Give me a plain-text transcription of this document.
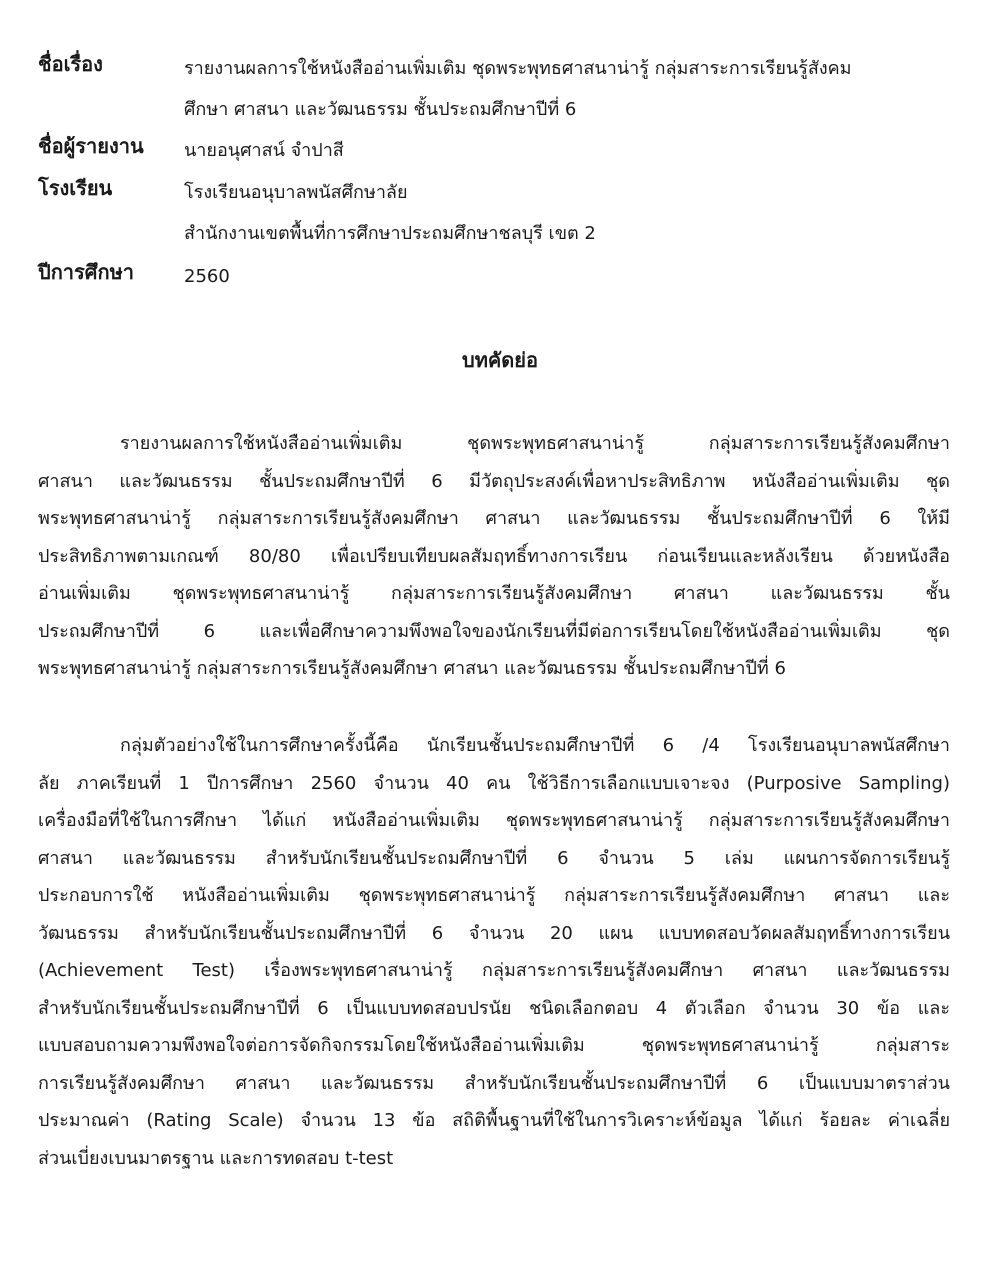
ชื่อเรื่อง	รายงานผลการใช้หนังสืออ่านเพิ่มเติม ชุดพระพุทธศาสนาน่ารู้ กลุ่มสาระการเรียนรู้สังคม
ศึกษา ศาสนา และวัฒนธรรม ชั้นประถมศึกษาปีที่ 6
ชื่อผู้รายงาน นายอนุศาสน์ จำปาสี
โรงเรียน	โรงเรียนอนุบาลพนัสศึกษาลัย
สำนักงานเขตพื้นที่การศึกษาประถมศึกษาชลบุรี เขต 2
ปีการศึกษา	2560
บทคัดย่อ
รายงานผลการใช้หนังสืออ่านเพิ่มเติม ชุดพระพุทธศาสนาน่ารู้ กลุ่มสาระการเรียนรู้สังคมศึกษา
ศาสนา และวัฒนธรรม ชั้นประถมศึกษาปีที่ 6 มีวัตถุประสงค์เพื่อหาประสิทธิภาพ หนังสืออ่านเพิ่มเติม ชุด
พระพุทธศาสนาน่ารู้ กลุ่มสาระการเรียนรู้สังคมศึกษา ศาสนา และวัฒนธรรม ชั้นประถมศึกษาปีที่ 6 ให้มี
ประสิทธิภาพตามเกณฑ์ 80/80 เพื่อเปรียบเทียบผลสัมฤทธิ์ทางการเรียน ก่อนเรียนและหลังเรียน ด้วยหนังสือ
อ่านเพิ่มเติม ชุดพระพุทธศาสนาน่ารู้ กลุ่มสาระการเรียนรู้สังคมศึกษา ศาสนา และวัฒนธรรม ชั้น
ประถมศึกษาปีที่ 6 และเพื่อศึกษาความพึงพอใจของนักเรียนที่มีต่อการเรียนโดยใช้หนังสืออ่านเพิ่มเติม ชุด
พระพุทธศาสนาน่ารู้ กลุ่มสาระการเรียนรู้สังคมศึกษา ศาสนา และวัฒนธรรม ชั้นประถมศึกษาปีที่ 6
กลุ่มตัวอย่างใช้ในการศึกษาครั้งนี้คือ นักเรียนชั้นประถมศึกษาปีที่ 6 /4 โรงเรียนอนุบาลพนัสศึกษา
ลัย ภาคเรียนที่ 1 ปีการศึกษา 2560 จำนวน 40 คน ใช้วิธีการเลือกแบบเจาะจง (Purposive Sampling)
เครื่องมือที่ใช้ในการศึกษา ได้แก่ หนังสืออ่านเพิ่มเติม ชุดพระพุทธศาสนาน่ารู้ กลุ่มสาระการเรียนรู้สังคมศึกษา
ศาสนา และวัฒนธรรม สำหรับนักเรียนชั้นประถมศึกษาปีที่ 6 จำนวน 5 เล่ม แผนการจัดการเรียนรู้
ประกอบการใช้ หนังสืออ่านเพิ่มเติม ชุดพระพุทธศาสนาน่ารู้ กลุ่มสาระการเรียนรู้สังคมศึกษา ศาสนา และ
วัฒนธรรม สำหรับนักเรียนชั้นประถมศึกษาปีที่ 6 จำนวน 20 แผน แบบทดสอบวัดผลสัมฤทธิ์ทางการเรียน
(Achievement Test) เรื่องพระพุทธศาสนาน่ารู้ กลุ่มสาระการเรียนรู้สังคมศึกษา ศาสนา และวัฒนธรรม
สำหรับนักเรียนชั้นประถมศึกษาปีที่ 6 เป็นแบบทดสอบปรนัย ชนิดเลือกตอบ 4 ตัวเลือก จำนวน 30 ข้อ และ
แบบสอบถามความพึงพอใจต่อการจัดกิจกรรมโดยใช้หนังสืออ่านเพิ่มเติม ชุดพระพุทธศาสนาน่ารู้ กลุ่มสาระ
การเรียนรู้สังคมศึกษา ศาสนา และวัฒนธรรม สำหรับนักเรียนชั้นประถมศึกษาปีที่ 6 เป็นแบบมาตราส่วน
ประมาณค่า (Rating Scale) จำนวน 13 ข้อ สถิติพื้นฐานที่ใช้ในการวิเคราะห์ข้อมูล ได้แก่ ร้อยละ ค่าเฉลี่ย
ส่วนเบี่ยงเบนมาตรฐาน และการทดสอบ t-test
